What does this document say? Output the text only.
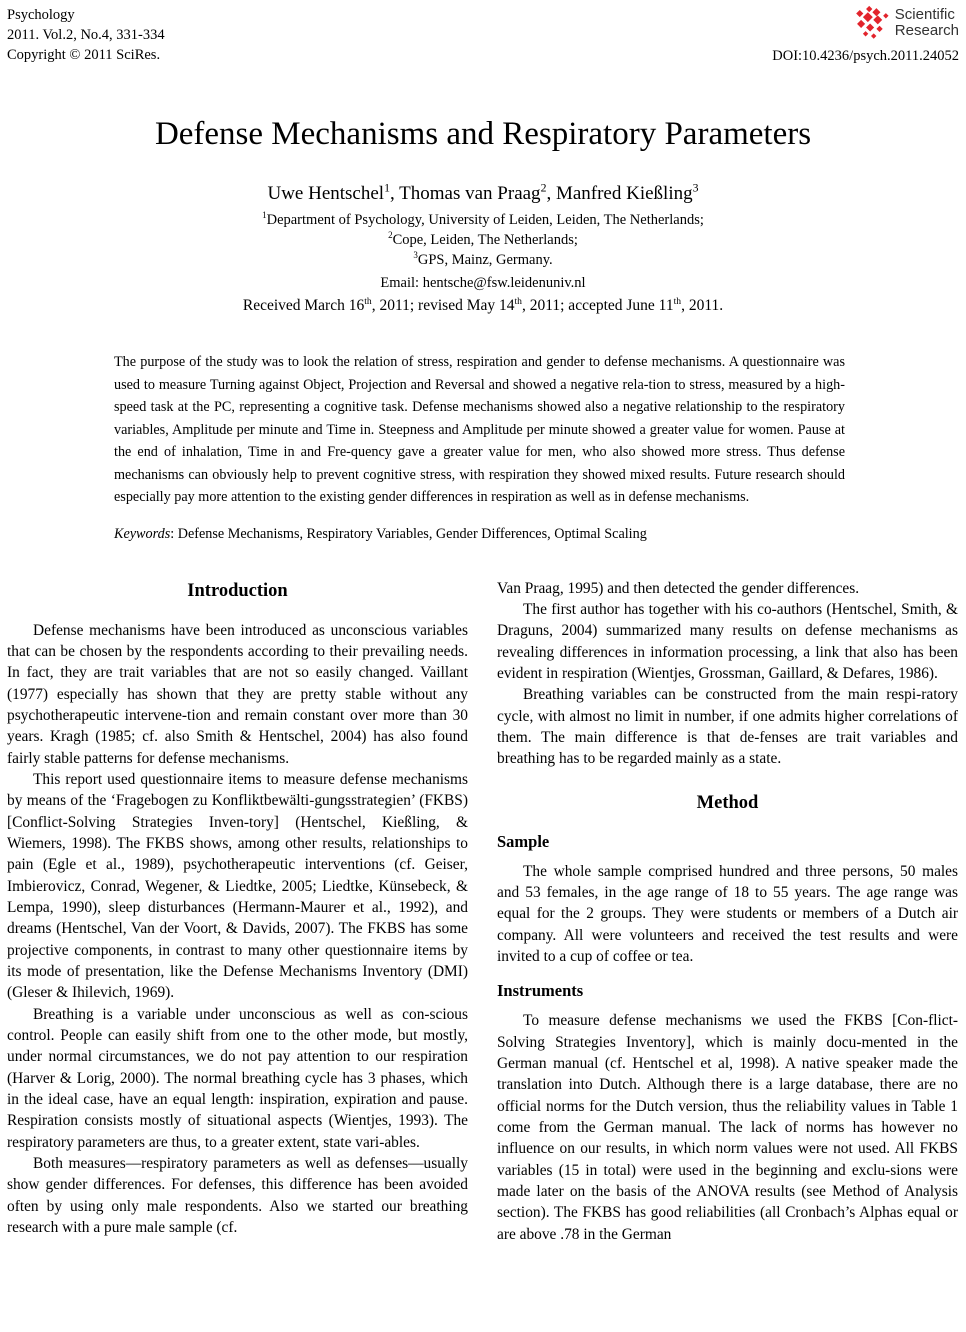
Psychology
2011. Vol.2, No.4, 331-334
Copyright © 2011 SciRes.
Scientific
Research
DOI:10.4236/psych.2011.24052
Defense Mechanisms and Respiratory Parameters
Uwe Hentschel$^1$, Thomas van Praag$^2$, Manfred Kießling$^3$
$^1$Department of Psychology, University of Leiden, Leiden, The Netherlands;
$^2$Cope, Leiden, The Netherlands;
$^3$GPS, Mainz, Germany.
Email: hentsche@fsw.leidenuniv.nl
Received March 16th, 2011; revised May 14th, 2011; accepted June 11th, 2011.
The purpose of the study was to look the relation of stress, respiration and gender to defense mechanisms. A questionnaire was used to measure Turning against Object, Projection and Reversal and showed a negative rela-tion to stress, measured by a high-speed task at the PC, representing a cognitive task. Defense mechanisms showed also a negative relationship to the respiratory variables, Amplitude per minute and Time in. Steepness and Amplitude per minute showed a greater value for women. Pause at the end of inhalation, Time in and Fre-quency gave a greater value for men, who also showed more stress. Thus defense mechanisms can obviously help to prevent cognitive stress, with respiration they showed mixed results. Future research should especially pay more attention to the existing gender differences in respiration as well as in defense mechanisms.
Keywords: Defense Mechanisms, Respiratory Variables, Gender Differences, Optimal Scaling
Introduction

Defense mechanisms have been introduced as unconscious variables that can be chosen by the respondents according to their prevailing needs. In fact, they are trait variables that are not so easily changed. Vaillant (1977) especially has shown that they are pretty stable without any psychotherapeutic intervene-tion and remain constant over more than 30 years. Kragh (1985; cf. also Smith & Hentschel, 2004) has also found fairly stable patterns for defense mechanisms.

This report used questionnaire items to measure defense mechanisms by means of the ‘Fragebogen zu Konfliktbewälti-gungsstrategien’ (FKBS) [Conflict-Solving Strategies Inven-tory] (Hentschel, Kießling, & Wiemers, 1998). The FKBS shows, among other results, relationships to pain (Egle et al., 1989), psychotherapeutic interventions (cf. Geiser, Imbierovicz, Conrad, Wegener, & Liedtke, 2005; Liedtke, Künsebeck, & Lempa, 1990), sleep disturbances (Hermann-Maurer et al., 1992), and dreams (Hentschel, Van der Voort, & Davids, 2007). The FKBS has some projective components, in contrast to many other questionnaire items by its mode of presentation, like the Defense Mechanisms Inventory (DMI) (Gleser & Ihilevich, 1969).

Breathing is a variable under unconscious as well as con-scious control. People can easily shift from one to the other mode, but mostly, under normal circumstances, we do not pay attention to our respiration (Harver & Lorig, 2000). The normal breathing cycle has 3 phases, which in the ideal case, have an equal length: inspiration, expiration and pause. Respiration consists mostly of situational aspects (Wientjes, 1993). The respiratory parameters are thus, to a greater extent, state vari-ables.

Both measures—respiratory parameters as well as defenses—usually show gender differences. For defenses, this difference has been avoided often by using only male respondents. Also we started our breathing research with a pure male sample (cf.

Van Praag, 1995) and then detected the gender differences.

The first author has together with his co-authors (Hentschel, Smith, & Draguns, 2004) summarized many results on defense mechanisms as revealing differences in information processing, a link that also has been evident in respiration (Wientjes, Grossman, Gaillard, & Defares, 1986).

Breathing variables can be constructed from the main respi-ratory cycle, with almost no limit in number, if one admits higher correlations of them. The main difference is that de-fenses are trait variables and breathing has to be regarded mainly as a state.

Method
Sample

The whole sample comprised hundred and three persons, 50 males and 53 females, in the age range of 18 to 55 years. The age range was equal for the 2 groups. They were students or members of a Dutch air company. All were volunteers and received the test results and were invited to a cup of coffee or tea.

Instruments

To measure defense mechanisms we used the FKBS [Con-flict-Solving Strategies Inventory], which is mainly docu-mented in the German manual (cf. Hentschel et al, 1998). A native speaker made the translation into Dutch. Although there is a large database, there are no official norms for the Dutch version, thus the reliability values in Table 1 come from the German manual. The lack of norms has however no influence on our results, in which norm values were not used. All FKBS variables (15 in total) were used in the beginning and exclu-sions were made later on the basis of the ANOVA results (see Method of Analysis section). The FKBS has good reliabilities (all Cronbach’s Alphas equal or are above .78 in the German
